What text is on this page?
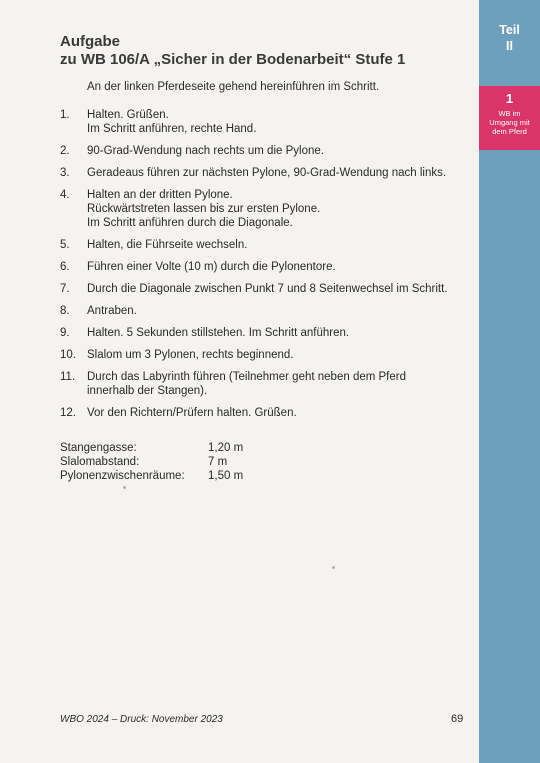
Teil
II
1
WB im
Umgang mit
dem Pferd
Aufgabe
zu WB 106/A „Sicher in der Bodenarbeit“ Stufe 1
An der linken Pferdeseite gehend hereinführen im Schritt.
1. Halten. Grüßen.
Im Schritt anführen, rechte Hand.
2. 90-Grad-Wendung nach rechts um die Pylone.
3. Geradeaus führen zur nächsten Pylone, 90-Grad-Wendung nach links.
4. Halten an der dritten Pylone.
Rückwärtstreten lassen bis zur ersten Pylone.
Im Schritt anführen durch die Diagonale.
5. Halten, die Führseite wechseln.
6. Führen einer Volte (10 m) durch die Pylonentore.
7. Durch die Diagonale zwischen Punkt 7 und 8 Seitenwechsel im Schritt.
8. Antraben.
9. Halten. 5 Sekunden stillstehen. Im Schritt anführen.
10. Slalom um 3 Pylonen, rechts beginnend.
11. Durch das Labyrinth führen (Teilnehmer geht neben dem Pferd
innerhalb der Stangen).
12. Vor den Richtern/Prüfern halten. Grüßen.
Stangengasse:	1,20 m
Slalomabstand:	7 m
Pylonenzwischenräume:	1,50 m
WBO 2024 – Druck: November 2023	69
